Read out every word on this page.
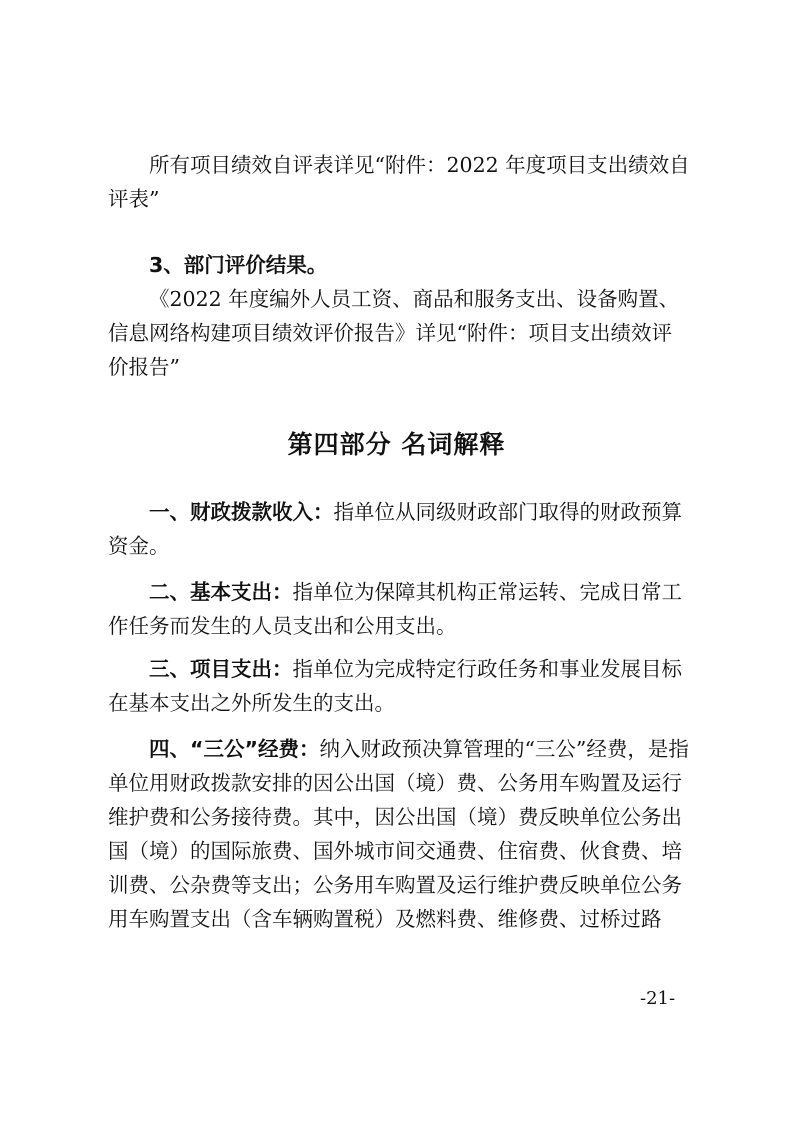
所有项目绩效自评表详见“附件：2022 年度项目支出绩效自评表”

3、部门评价结果。

《2022 年度编外人员工资、商品和服务支出、设备购置、信息网络构建项目绩效评价报告》详见“附件：项目支出绩效评价报告”

第四部分 名词解释

一、财政拨款收入：指单位从同级财政部门取得的财政预算资金。

二、基本支出：指单位为保障其机构正常运转、完成日常工作任务而发生的人员支出和公用支出。

三、项目支出：指单位为完成特定行政任务和事业发展目标在基本支出之外所发生的支出。

四、“三公”经费：纳入财政预决算管理的“三公”经费，是指单位用财政拨款安排的因公出国（境）费、公务用车购置及运行维护费和公务接待费。其中，因公出国（境）费反映单位公务出国（境）的国际旅费、国外城市间交通费、住宿费、伙食费、培训费、公杂费等支出；公务用车购置及运行维护费反映单位公务用车购置支出（含车辆购置税）及燃料费、维修费、过桥过路

-21-
